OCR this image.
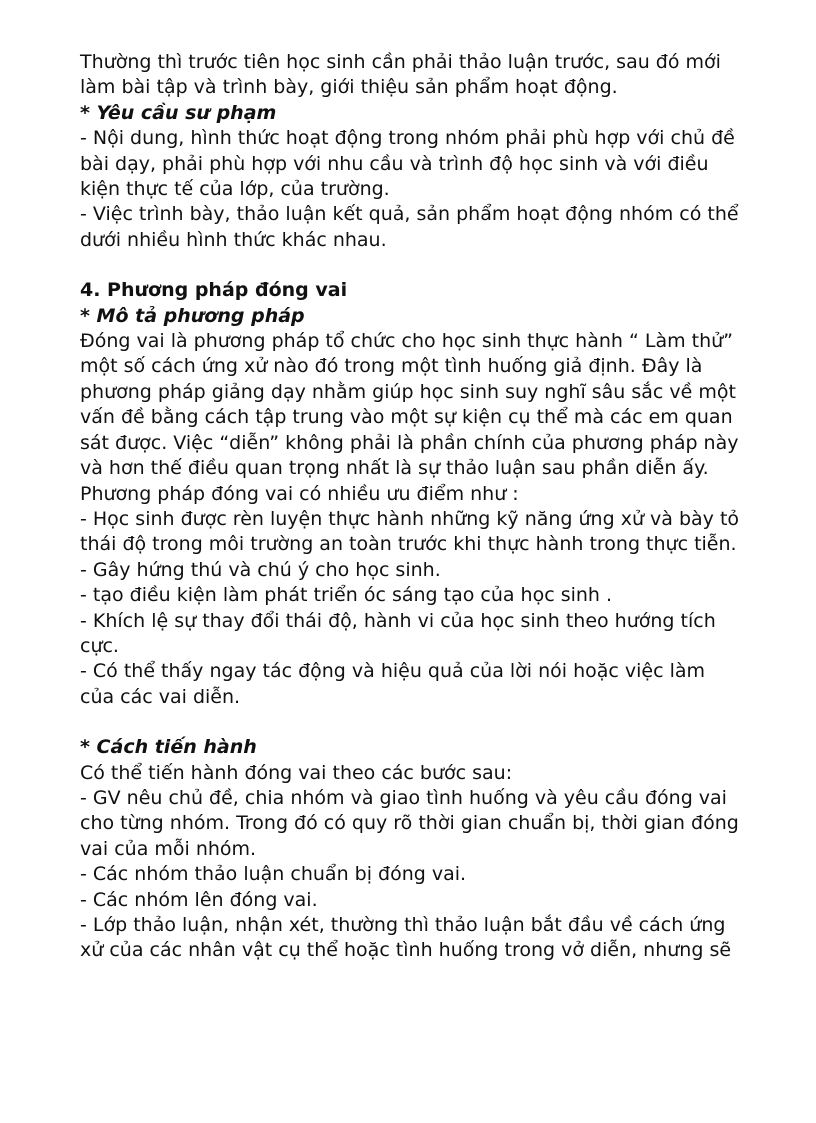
Thường thì trước tiên học sinh cần phải thảo luận trước, sau đó mới làm bài tập và trình bày, giới thiệu sản phẩm hoạt động.

* Yêu cầu sư phạm

- Nội dung, hình thức hoạt động trong nhóm phải phù hợp với chủ đề bài dạy, phải phù hợp với nhu cầu và trình độ học sinh và với điều kiện thực tế của lớp, của trường.

- Việc trình bày, thảo luận kết quả, sản phẩm hoạt động nhóm có thể dưới nhiều hình thức khác nhau.

4. Phương pháp đóng vai

* Mô tả phương pháp

Đóng vai là phương pháp tổ chức cho học sinh thực hành “ Làm thử” một số cách ứng xử nào đó trong một tình huống giả định. Đây là phương pháp giảng dạy nhằm giúp học sinh suy nghĩ sâu sắc về một vấn đề bằng cách tập trung vào một sự kiện cụ thể mà các em quan sát được. Việc “diễn” không phải là phần chính của phương pháp này và hơn thế điều quan trọng nhất là sự thảo luận sau phần diễn ấy.

Phương pháp đóng vai có nhiều ưu điểm như :

- Học sinh được rèn luyện thực hành những kỹ năng ứng xử và bày tỏ thái độ trong môi trường an toàn trước khi thực hành trong thực tiễn.

- Gây hứng thú và chú ý cho học sinh.

- tạo điều kiện làm phát triển óc sáng tạo của học sinh .

- Khích lệ sự thay đổi thái độ, hành vi của học sinh theo hướng tích cực.

- Có thể thấy ngay tác động và hiệu quả của lời nói hoặc việc làm của các vai diễn.

* Cách tiến hành

Có thể tiến hành đóng vai theo các bước sau:

- GV nêu chủ đề, chia nhóm và giao tình huống và yêu cầu đóng vai cho từng nhóm. Trong đó có quy rõ thời gian chuẩn bị, thời gian đóng vai của mỗi nhóm.

- Các nhóm thảo luận chuẩn bị đóng vai.

- Các nhóm lên đóng vai.

- Lớp thảo luận, nhận xét, thường thì thảo luận bắt đầu về cách ứng xử của các nhân vật cụ thể hoặc tình huống trong vở diễn, nhưng sẽ
